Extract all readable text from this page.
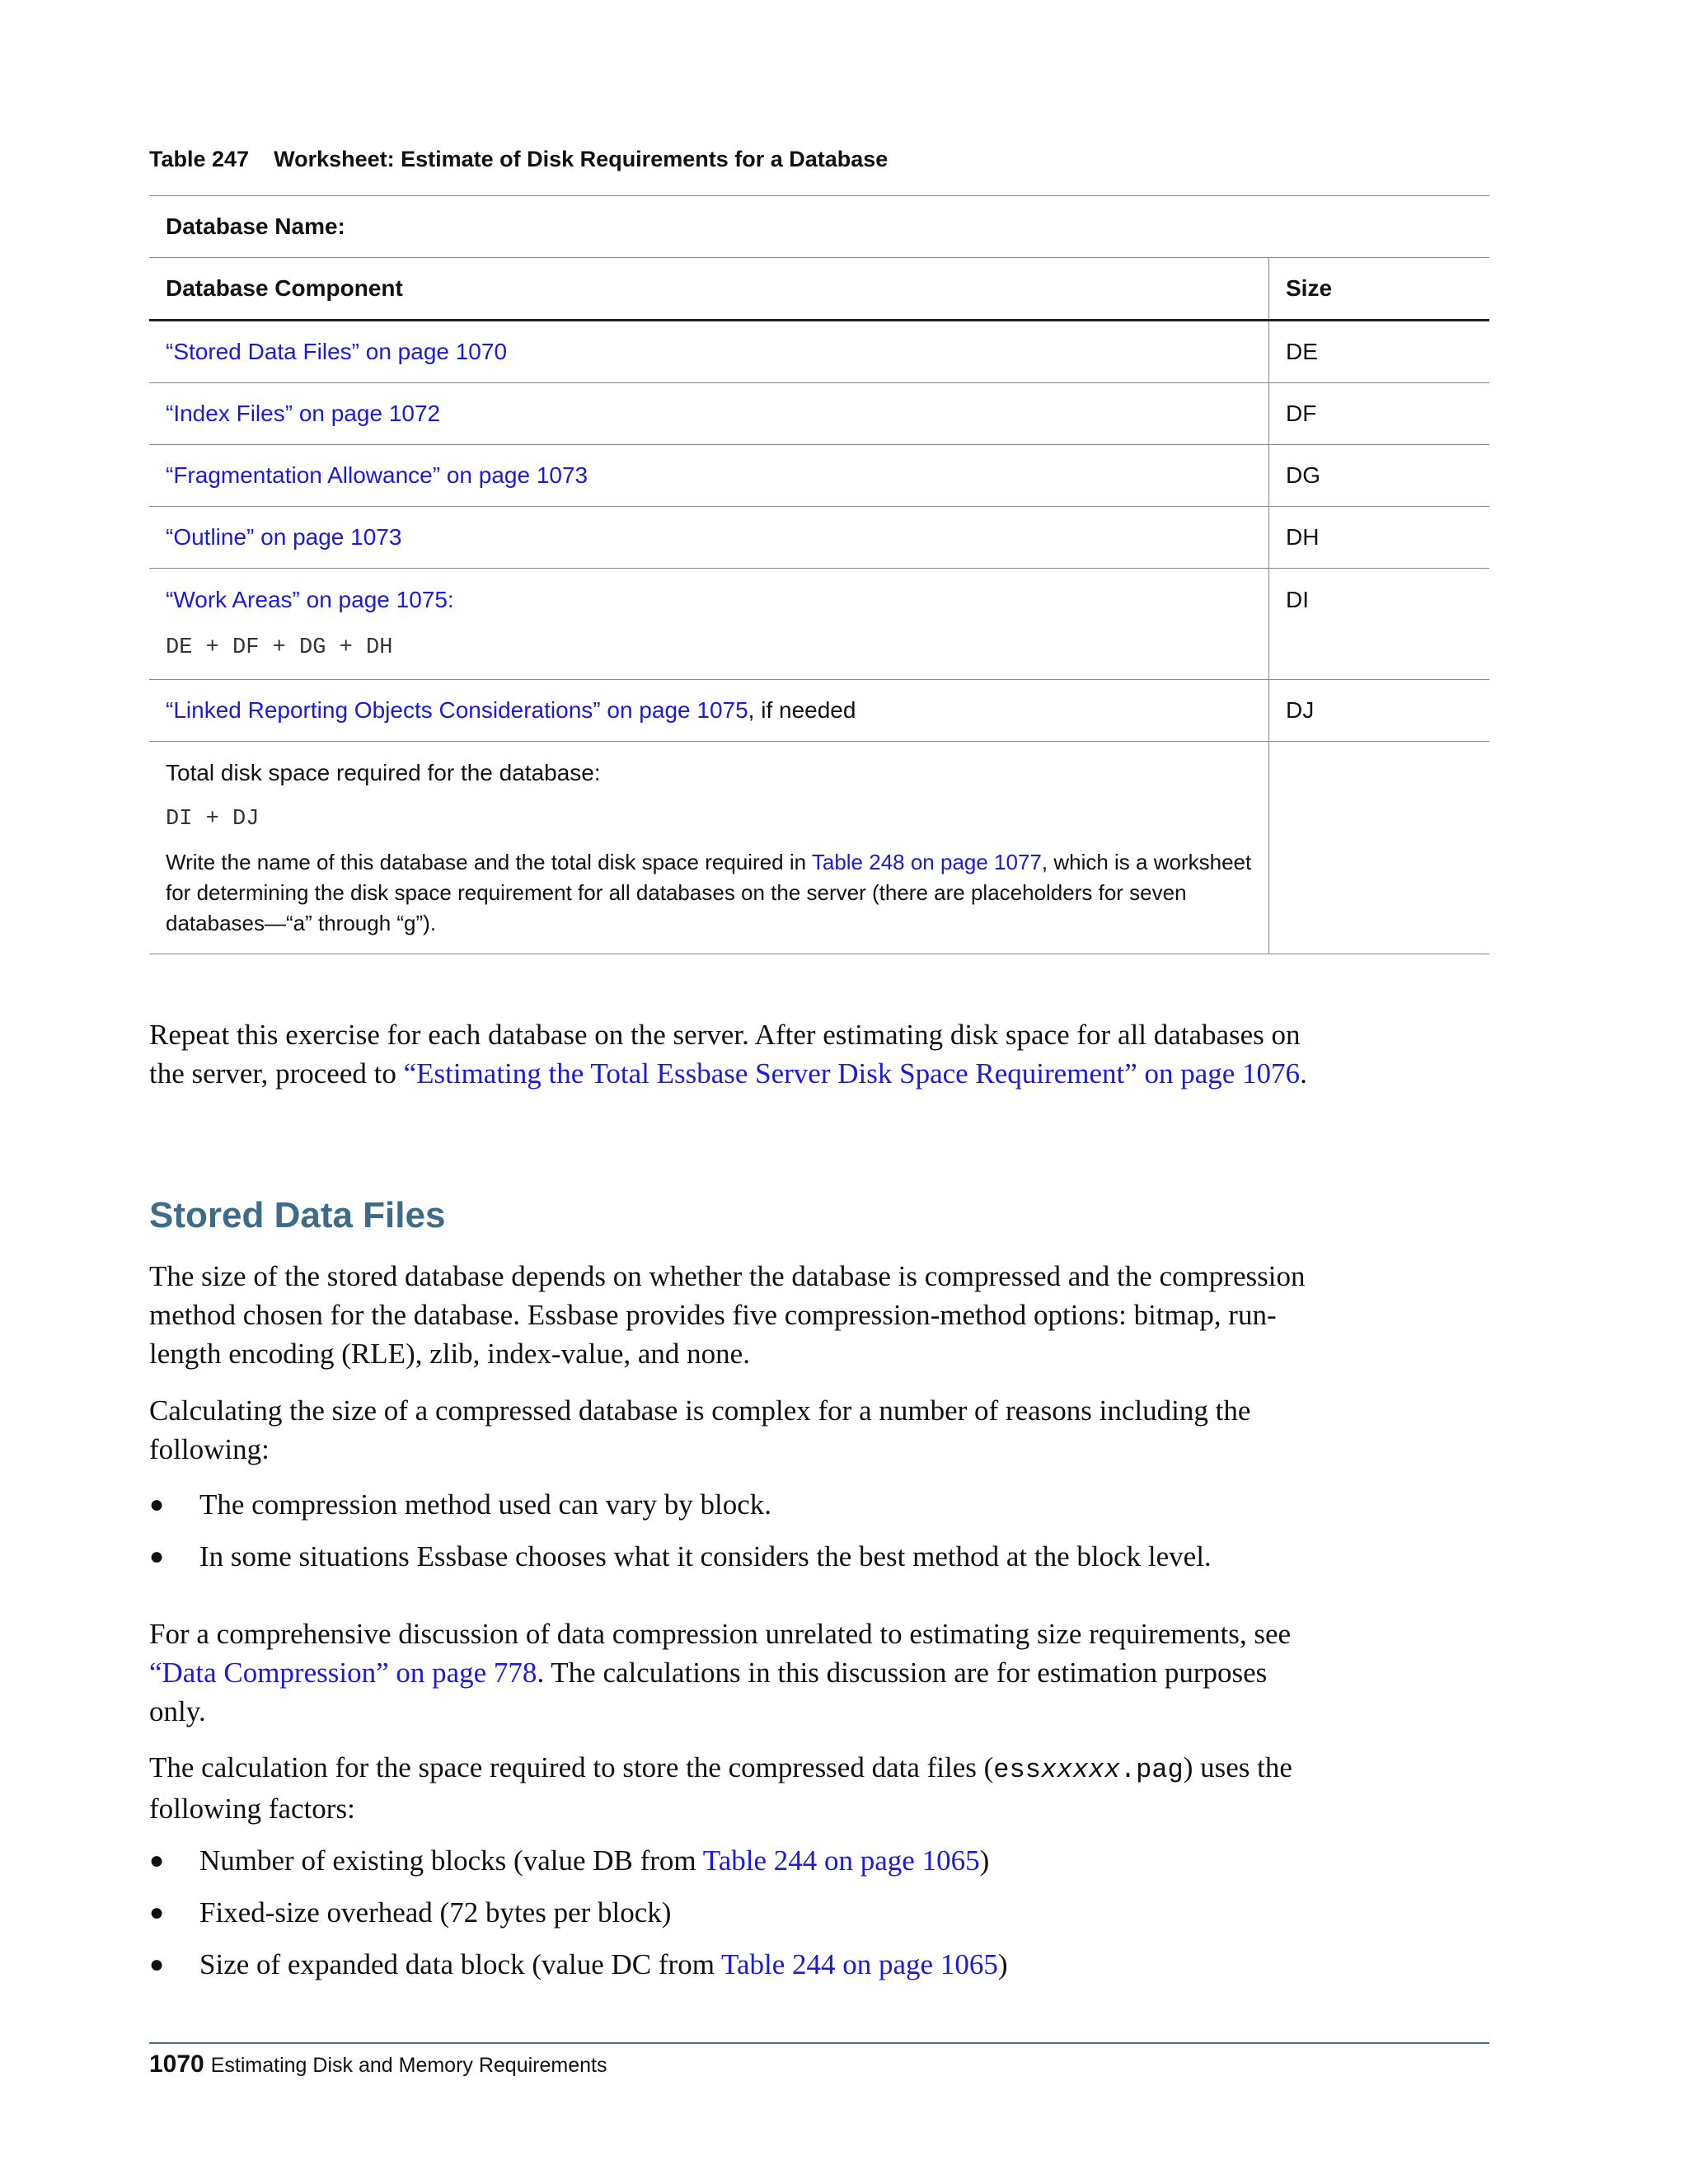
Table 247 Worksheet: Estimate of Disk Requirements for a Database
Database Name:	
Database Component	Size
“Stored Data Files” on page 1070	DE
“Index Files” on page 1072	DF
“Fragmentation Allowance” on page 1073	DG
“Outline” on page 1073	DH

“Work Areas” on page 1075:
DE + DF + DG + DH	DI
“Linked Reporting Objects Considerations” on page 1075, if needed	DJ

Total disk space required for the database:
DI + DJ
Write the name of this database and the total disk space required in Table 248 on page 1077, which is a worksheet for determining the disk space requirement for all databases on the server (there are placeholders for seven databases—“a” through “g”).	

Repeat this exercise for each database on the server. After estimating disk space for all databases on the server, proceed to “Estimating the Total Essbase Server Disk Space Requirement” on page 1076.

Stored Data Files

The size of the stored database depends on whether the database is compressed and the compression method chosen for the database. Essbase provides five compression-method options: bitmap, run-length encoding (RLE), zlib, index-value, and none.

Calculating the size of a compressed database is complex for a number of reasons including the following:

● The compression method used can vary by block.
● In some situations Essbase chooses what it considers the best method at the block level.

For a comprehensive discussion of data compression unrelated to estimating size requirements, see “Data Compression” on page 778. The calculations in this discussion are for estimation purposes only.

The calculation for the space required to store the compressed data files (essxxxxx.pag) uses the following factors:

● Number of existing blocks (value DB from Table 244 on page 1065)
● Fixed-size overhead (72 bytes per block)
● Size of expanded data block (value DC from Table 244 on page 1065)
1070 Estimating Disk and Memory Requirements
